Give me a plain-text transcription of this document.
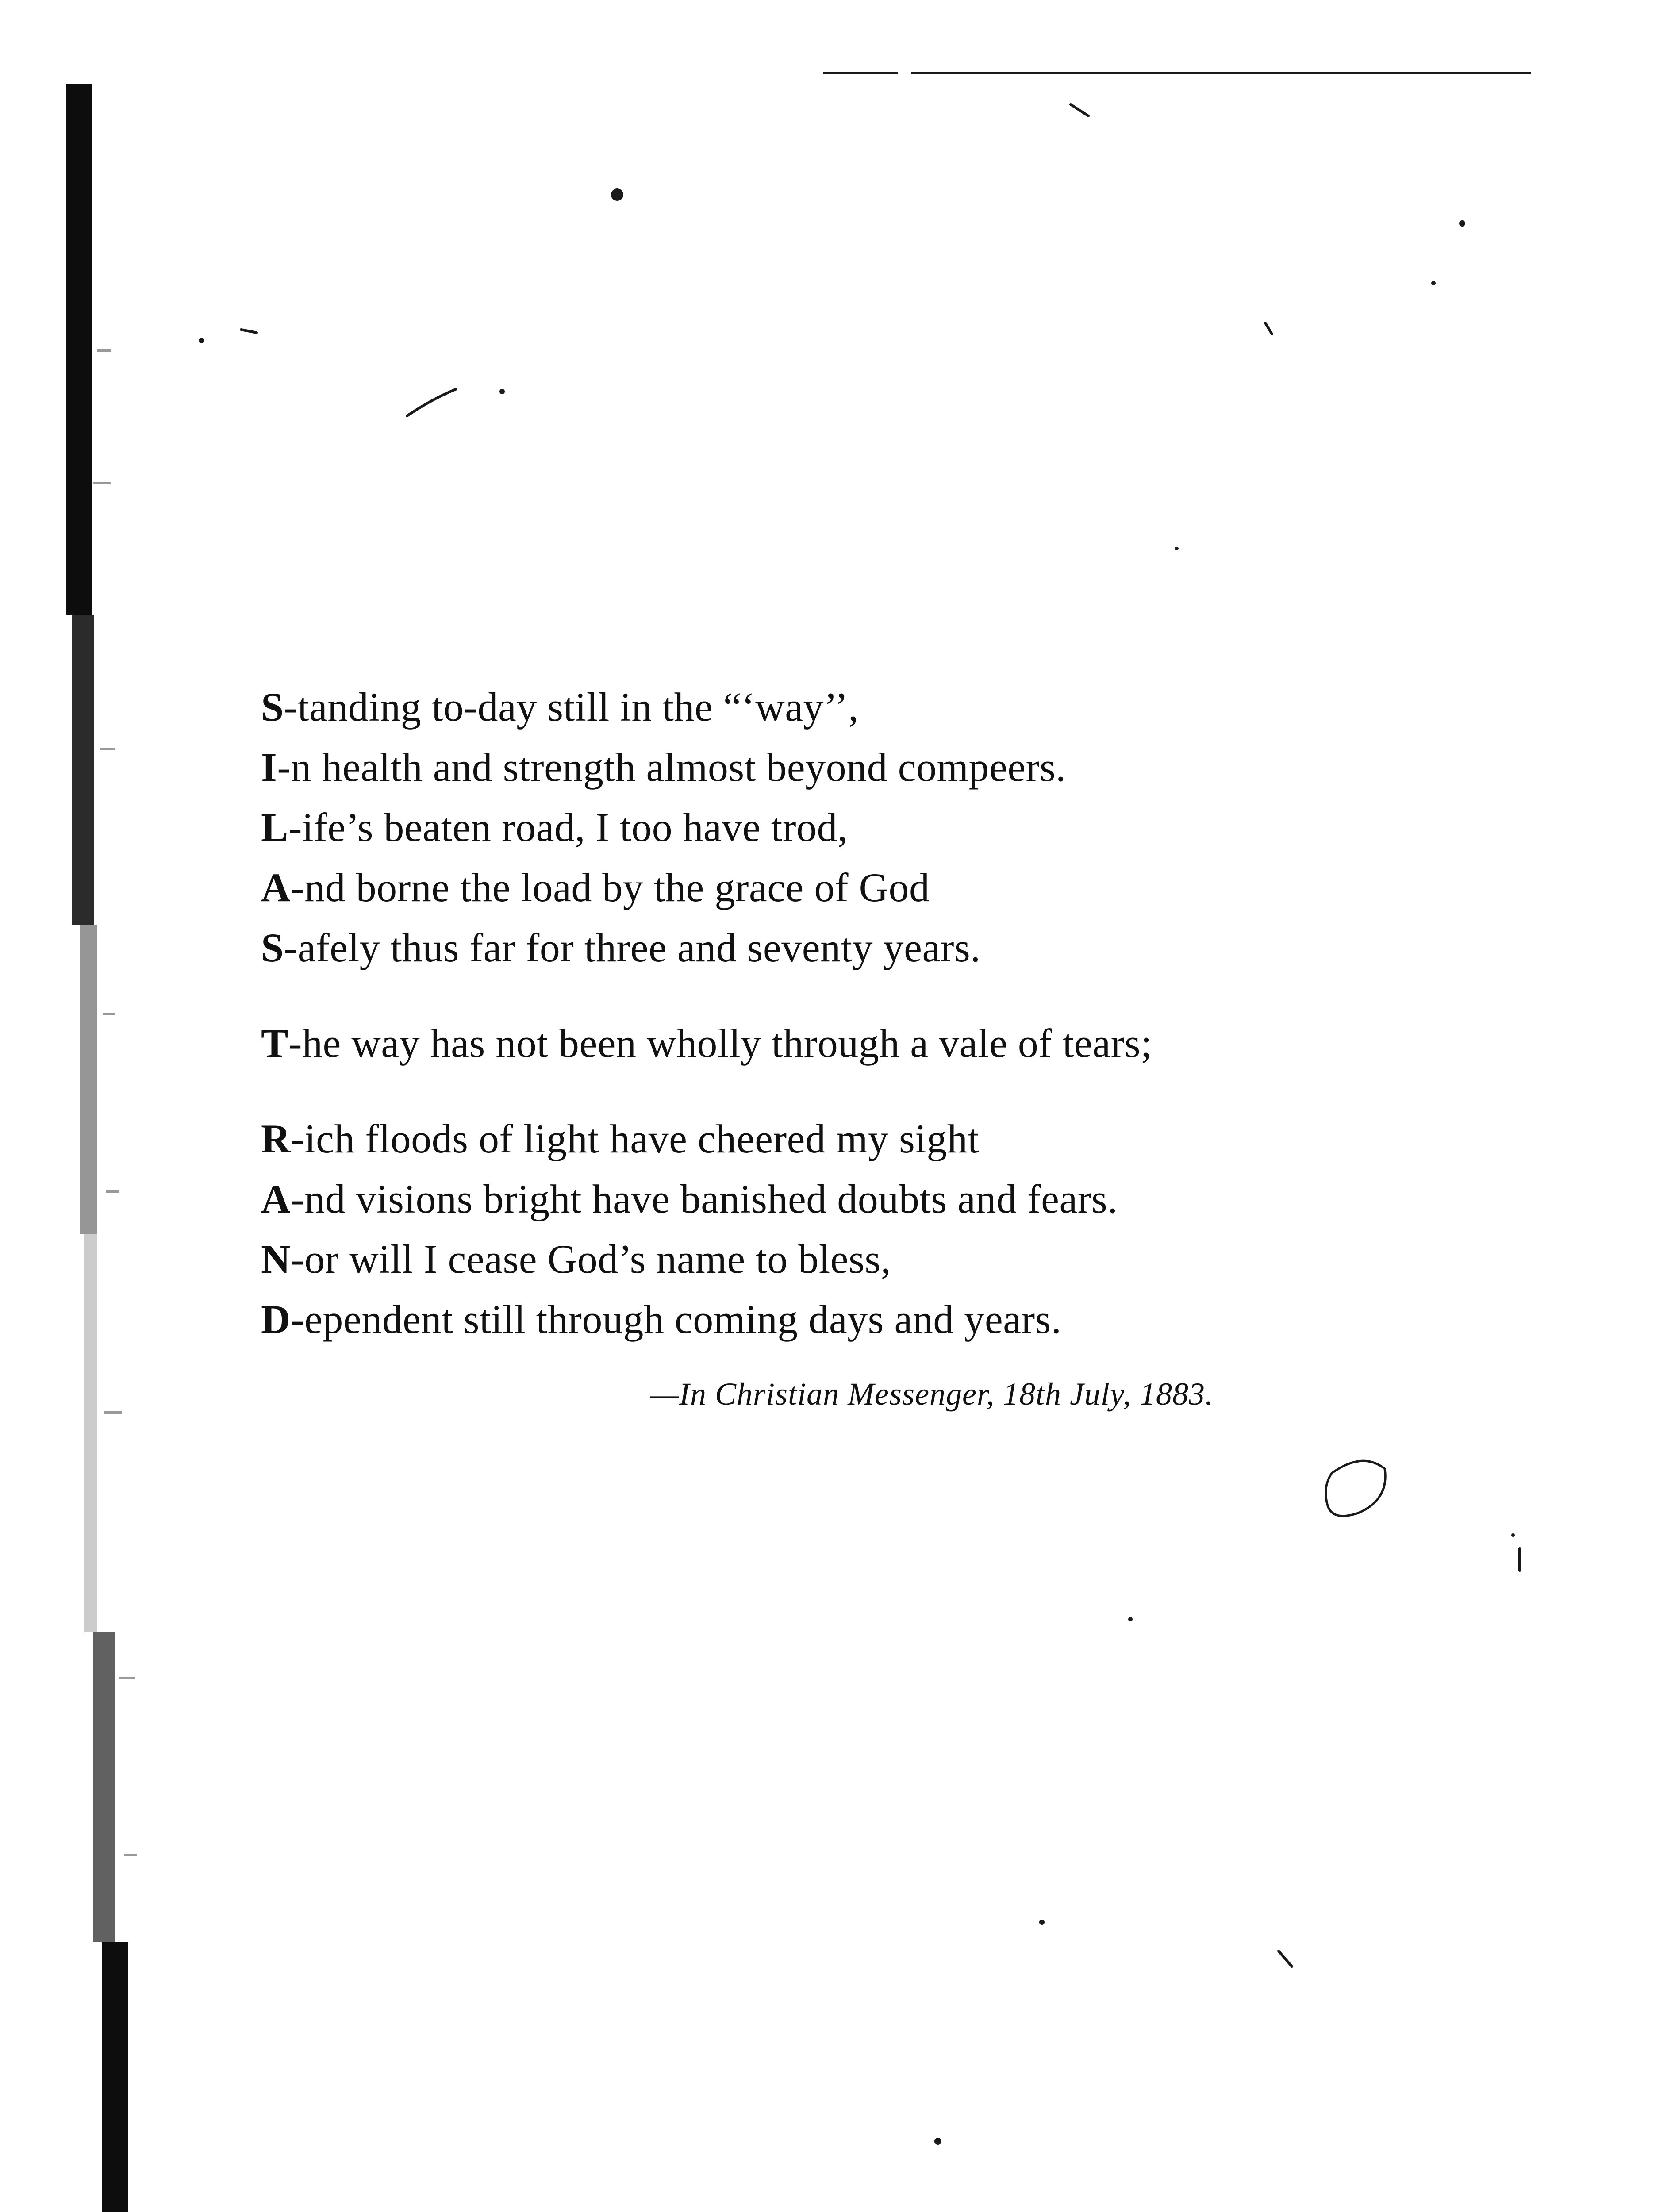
S-tanding to-day still in the “‘way’’,
I-n health and strength almost beyond compeers.
L-ife’s beaten road, I too have trod,
A-nd borne the load by the grace of God
S-afely thus far for three and seventy years.
T-he way has not been wholly through a vale of tears;
R-ich floods of light have cheered my sight
A-nd visions bright have banished doubts and fears.
N-or will I cease God’s name to bless,
D-ependent still through coming days and years.
—In Christian Messenger, 18th July, 1883.
